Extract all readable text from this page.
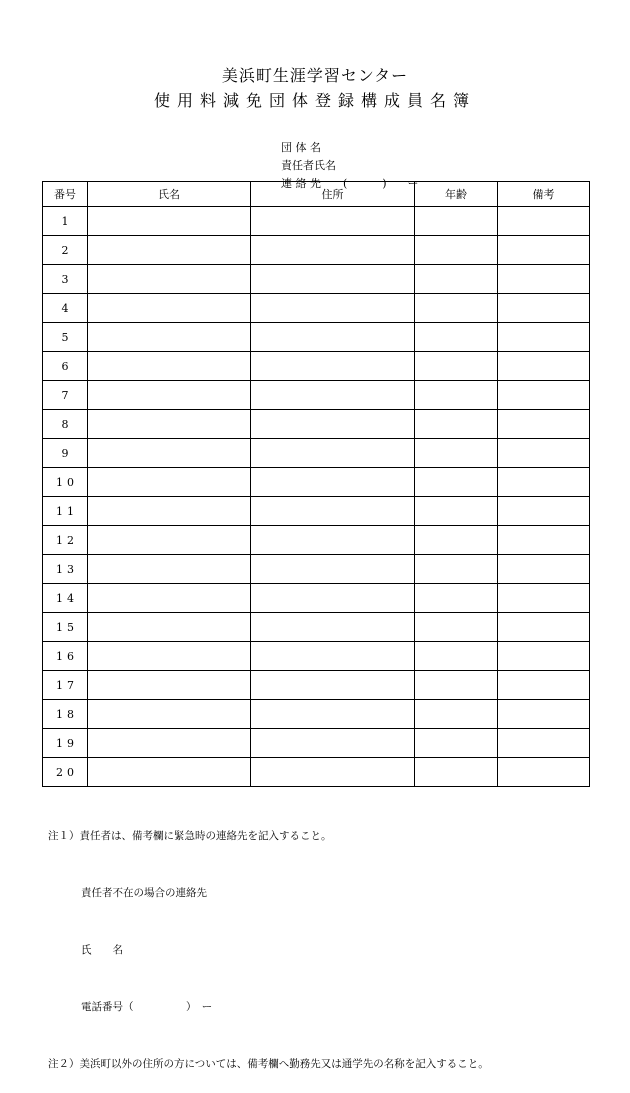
美浜町生涯学習センター
使用料減免団体登録構成員名簿

団 体 名

責任者氏名

連 絡 先 (          )      ー

番号	氏名	住所	年齢	備考
1				
2				
3				
4				
5				
6				
7				
8				
9				
10				
11				
12				
13				
14				
15				
16				
17				
18				
19				
20				

注１）責任者は、備考欄に緊急時の連絡先を記入すること。

責任者不在の場合の連絡先

氏　　名

電話番号（　　　　　）　ー

注２）美浜町以外の住所の方については、備考欄へ勤務先又は通学先の名称を記入すること。
